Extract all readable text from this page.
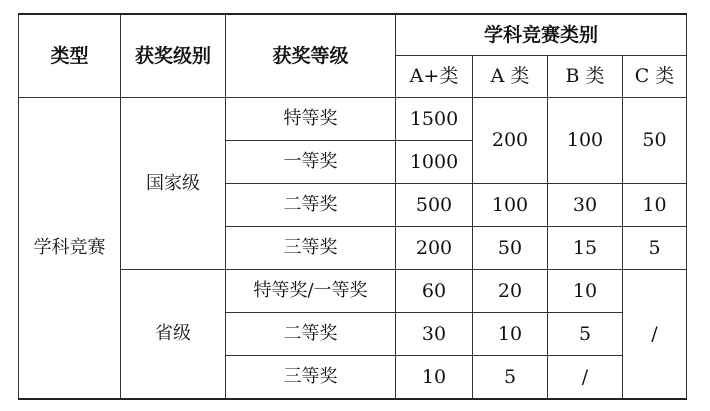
类型	获奖级别	获奖等级	学科竞赛类别			
			A+类	A 类	B 类	C 类
学科竞赛	国家级	特等奖	1500	200	100	50
		一等奖	1000			
		二等奖	500	100	30	10
		三等奖	200	50	15	5
	省级	特等奖/一等奖	60	20	10	/
		二等奖	30	10	5	
		三等奖	10	5	/	
